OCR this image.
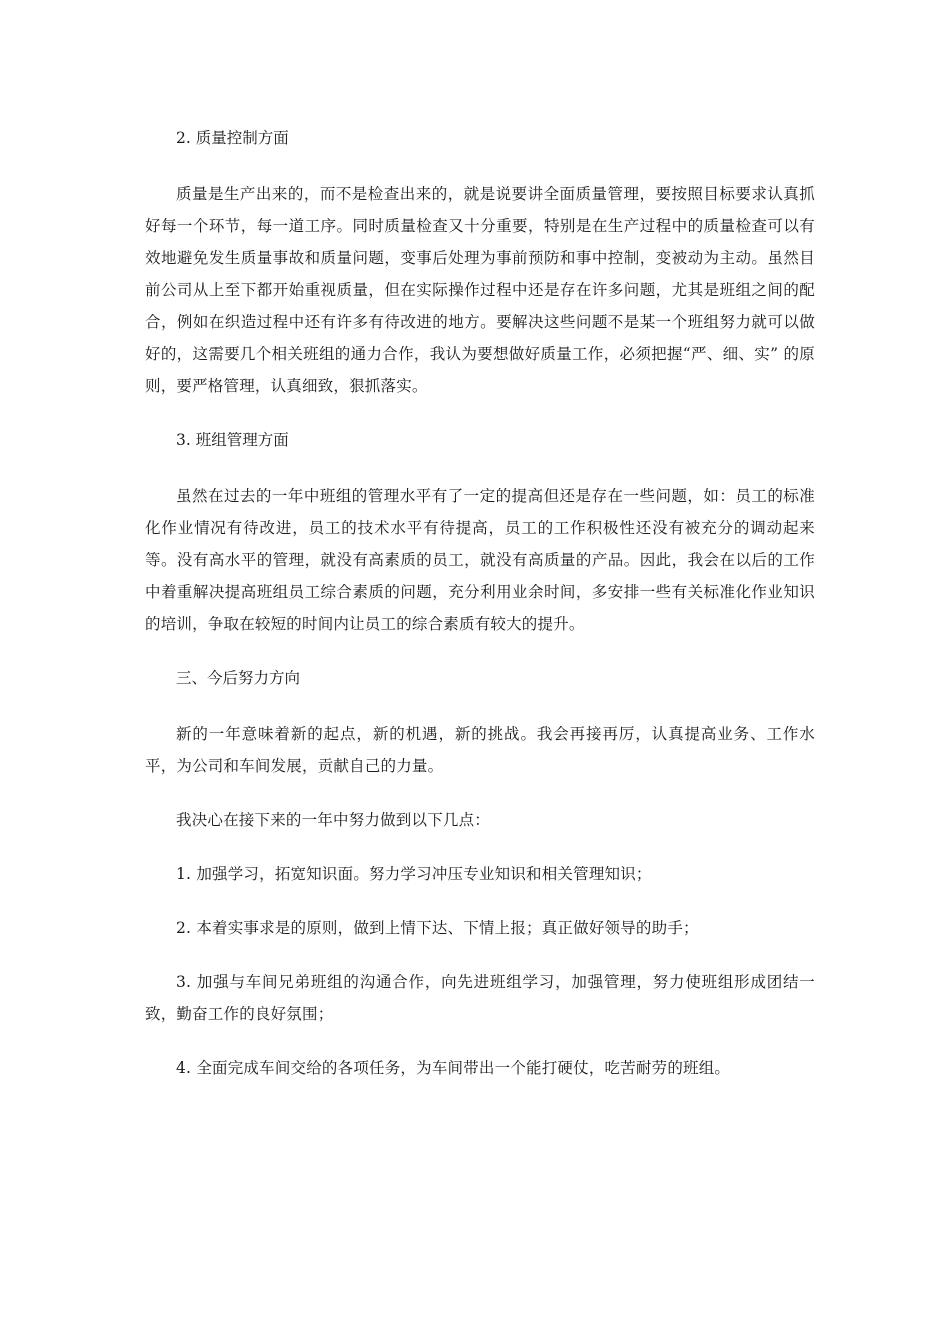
2. 质量控制方面

质量是生产出来的，而不是检查出来的，就是说要讲全面质量管理，要按照目标要求认真抓好每一个环节，每一道工序。同时质量检查又十分重要，特别是在生产过程中的质量检查可以有效地避免发生质量事故和质量问题，变事后处理为事前预防和事中控制，变被动为主动。虽然目前公司从上至下都开始重视质量，但在实际操作过程中还是存在许多问题，尤其是班组之间的配合，例如在织造过程中还有许多有待改进的地方。要解决这些问题不是某一个班组努力就可以做好的，这需要几个相关班组的通力合作，我认为要想做好质量工作，必须把握“严、细、实” 的原则，要严格管理，认真细致，狠抓落实。

3. 班组管理方面

虽然在过去的一年中班组的管理水平有了一定的提高但还是存在一些问题，如：员工的标准化作业情况有待改进，员工的技术水平有待提高，员工的工作积极性还没有被充分的调动起来等。没有高水平的管理，就没有高素质的员工，就没有高质量的产品。因此，我会在以后的工作中着重解决提高班组员工综合素质的问题，充分利用业余时间，多安排一些有关标准化作业知识的培训，争取在较短的时间内让员工的综合素质有较大的提升。

三、今后努力方向

新的一年意味着新的起点，新的机遇，新的挑战。我会再接再厉，认真提高业务、工作水平，为公司和车间发展，贡献自己的力量。

我决心在接下来的一年中努力做到以下几点：

1. 加强学习，拓宽知识面。努力学习冲压专业知识和相关管理知识；

2. 本着实事求是的原则，做到上情下达、下情上报；真正做好领导的助手；

3. 加强与车间兄弟班组的沟通合作，向先进班组学习，加强管理，努力使班组形成团结一致，勤奋工作的良好氛围；

4. 全面完成车间交给的各项任务，为车间带出一个能打硬仗，吃苦耐劳的班组。
